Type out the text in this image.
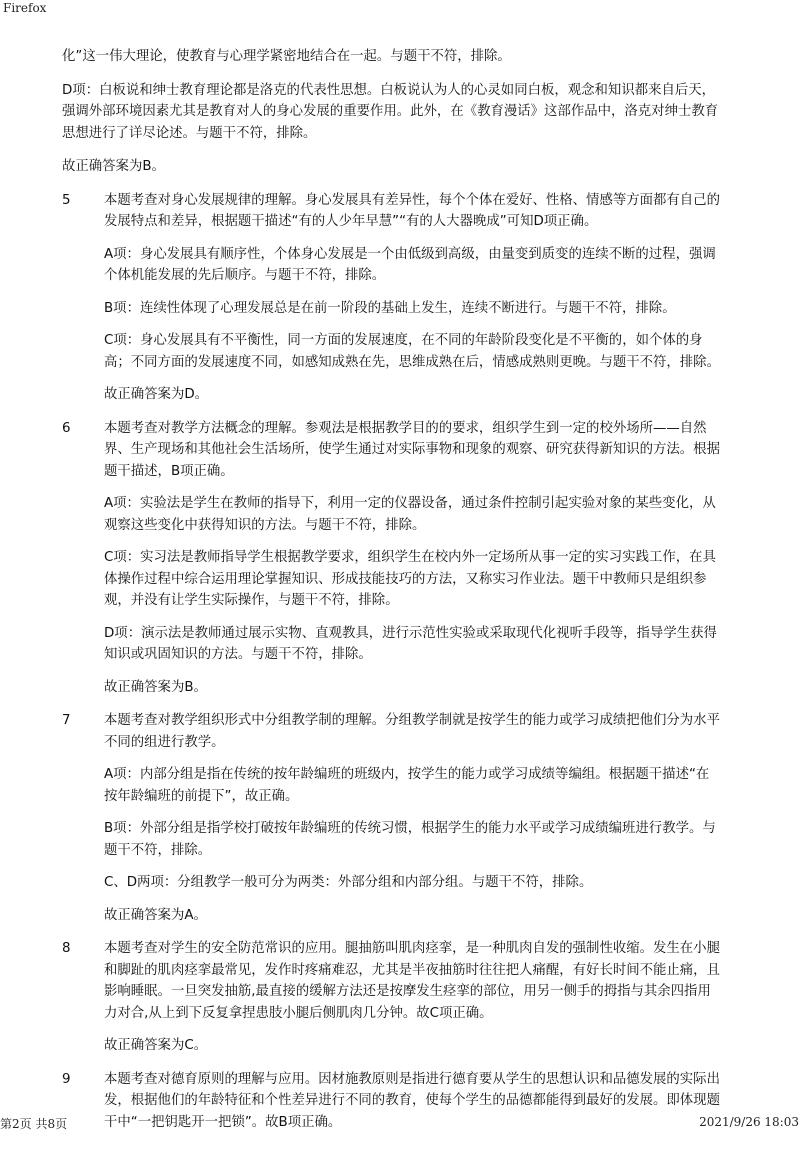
Firefox

化”这一伟大理论，使教育与心理学紧密地结合在一起。与题干不符，排除。

D项：白板说和绅士教育理论都是洛克的代表性思想。白板说认为人的心灵如同白板，观念和知识都来自后天，强调外部环境因素尤其是教育对人的身心发展的重要作用。此外，在《教育漫话》这部作品中，洛克对绅士教育思想进行了详尽论述。与题干不符，排除。

故正确答案为B。

5	本题考查对身心发展规律的理解。身心发展具有差异性，每个个体在爱好、性格、情感等方面都有自己的发展特点和差异，根据题干描述“有的人少年早慧”“有的人大器晚成”可知D项正确。

A项：身心发展具有顺序性，个体身心发展是一个由低级到高级，由量变到质变的连续不断的过程，强调个体机能发展的先后顺序。与题干不符，排除。

B项：连续性体现了心理发展总是在前一阶段的基础上发生，连续不断进行。与题干不符，排除。

C项：身心发展具有不平衡性，同一方面的发展速度，在不同的年龄阶段变化是不平衡的，如个体的身高；不同方面的发展速度不同，如感知成熟在先，思维成熟在后，情感成熟则更晚。与题干不符，排除。

故正确答案为D。

6	本题考查对教学方法概念的理解。参观法是根据教学目的的要求，组织学生到一定的校外场所——自然界、生产现场和其他社会生活场所，使学生通过对实际事物和现象的观察、研究获得新知识的方法。根据题干描述，B项正确。

A项：实验法是学生在教师的指导下，利用一定的仪器设备，通过条件控制引起实验对象的某些变化，从观察这些变化中获得知识的方法。与题干不符，排除。

C项：实习法是教师指导学生根据教学要求，组织学生在校内外一定场所从事一定的实习实践工作，在具体操作过程中综合运用理论掌握知识、形成技能技巧的方法，又称实习作业法。题干中教师只是组织参观，并没有让学生实际操作，与题干不符，排除。

D项：演示法是教师通过展示实物、直观教具，进行示范性实验或采取现代化视听手段等，指导学生获得知识或巩固知识的方法。与题干不符，排除。

故正确答案为B。

7	本题考查对教学组织形式中分组教学制的理解。分组教学制就是按学生的能力或学习成绩把他们分为水平不同的组进行教学。

A项：内部分组是指在传统的按年龄编班的班级内，按学生的能力或学习成绩等编组。根据题干描述“在按年龄编班的前提下”，故正确。

B项：外部分组是指学校打破按年龄编班的传统习惯，根据学生的能力水平或学习成绩编班进行教学。与题干不符，排除。

C、D两项：分组教学一般可分为两类：外部分组和内部分组。与题干不符，排除。

故正确答案为A。

8	本题考查对学生的安全防范常识的应用。腿抽筋叫肌肉痉挛，是一种肌肉自发的强制性收缩。发生在小腿和脚趾的肌肉痉挛最常见，发作时疼痛难忍，尤其是半夜抽筋时往往把人痛醒，有好长时间不能止痛，且影响睡眠。一旦突发抽筋,最直接的缓解方法还是按摩发生痉挛的部位，用另一侧手的拇指与其余四指用力对合,从上到下反复拿捏患肢小腿后侧肌肉几分钟。故C项正确。

故正确答案为C。

9	本题考查对德育原则的理解与应用。因材施教原则是指进行德育要从学生的思想认识和品德发展的实际出发，根据他们的年龄特征和个性差异进行不同的教育，使每个学生的品德都能得到最好的发展。即体现题干中“一把钥匙开一把锁”。故B项正确。

第2页 共8页	2021/9/26 18:03
